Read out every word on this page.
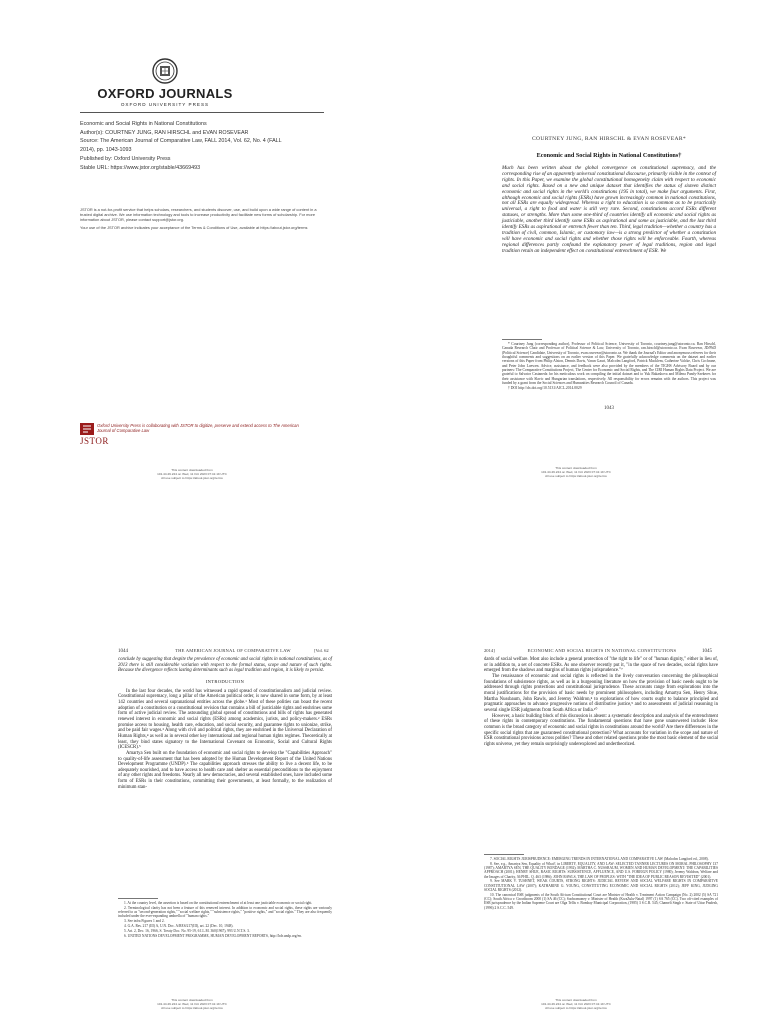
OXFORD JOURNALS
OXFORD UNIVERSITY PRESS
Economic and Social Rights in National Constitutions
Author(s): COURTNEY JUNG, RAN HIRSCHL and EVAN ROSEVEAR
Source: The American Journal of Comparative Law, FALL 2014, Vol. 62, No. 4 (FALL
2014), pp. 1043-1093
Published by: Oxford University Press
Stable URL: https://www.jstor.org/stable/43669493

JSTOR is a not-for-profit service that helps scholars, researchers, and students discover, use, and build upon a wide range of content in a trusted digital archive. We use information technology and tools to increase productivity and facilitate new forms of scholarship. For more information about JSTOR, please contact support@jstor.org.

Your use of the JSTOR archive indicates your acceptance of the Terms & Conditions of Use, available at https://about.jstor.org/terms

Oxford University Press is collaborating with JSTOR to digitize, preserve and extend access to The American Journal of Comparative Law
JSTOR
This content downloaded from
101.44.29.224 on Wed, 11 Oct 2023 07:41:19 UTC
All use subject to https://about.jstor.org/terms
COURTNEY JUNG, RAN HIRSCHL & EVAN ROSEVEAR*
Economic and Social Rights in National Constitutions†
Much has been written about the global convergence on constitutional supremacy, and the corresponding rise of an apparently universal constitutional discourse, primarily visible in the context of rights. In this Paper, we examine the global constitutional homogeneity claim with respect to economic and social rights. Based on a new and unique dataset that identifies the status of sixteen distinct economic and social rights in the world's constitutions (195 in total), we make four arguments. First, although economic and social rights (ESRs) have grown increasingly common in national constitutions, not all ESRs are equally widespread. Whereas a right to education is so common as to be practically universal, a right to food and water is still very rare. Second, constitutions accord ESRs different statuses, or strengths. More than some one-third of countries identify all economic and social rights as justiciable, another third identify some ESRs as aspirational and some as justiciable, and the last third identify ESRs as aspirational or entrench fewer than ten. Third, legal tradition—whether a country has a tradition of civil, common, Islamic, or customary law—is a strong predictor of whether a constitution will have economic and social rights and whether those rights will be enforceable. Fourth, whereas regional differences partly confound the explanatory power of legal traditions, region and legal tradition retain an independent effect on constitutional entrenchment of ESR. We

* Courtney Jung (corresponding author), Professor of Political Science, University of Toronto, courtney.jung@utoronto.ca. Ran Hirschl, Canada Research Chair and Professor of Political Science & Law, University of Toronto, ran.hirschl@utoronto.ca. Evan Rosevear, JD/PhD (Political Science) Candidate, University of Toronto, evan.rosevear@utoronto.ca. We thank the Journal's Editor and anonymous referees for their thoughtful comments and suggestions on an earlier version of this Paper. We gratefully acknowledge comments on the dataset and earlier versions of this Paper from Philip Alston, Dennis Davis, Varun Gauri, Malcolm Langford, Patrick Macklem, Catherine Valcke, Chris Cochrane, and Peter John Loewen. Advice, assistance, and feedback were also provided by the members of the TIGHS Advisory Board and by our partners: The Comparative Constitutions Project, The Center for Economic and Social Rights, and The CIRI Human Rights Data Project. We are grateful to Salvator Castaneda for his meticulous work on compiling the initial dataset and to Yuk Bakashova and Milena Pandy-Szekeres for their assistance with Slavic and Hungarian translations, respectively. All responsibility for errors remains with the authors. This project was funded by a grant from the Social Sciences and Humanities Research Council of Canada.

† DOI http://dx.doi.org/10.5131/AJCL.2014.0029

1043
This content downloaded from
101.44.29.224 on Wed, 11 Oct 2023 07:41:19 UTC
All use subject to https://about.jstor.org/terms
1044	THE AMERICAN JOURNAL OF COMPARATIVE LAW	[Vol. 62

conclude by suggesting that despite the prevalence of economic and social rights in national constitutions, as of 2013 there is still considerable variation with respect to the formal status, scope and nature of such rights. Because the divergence reflects lasting determinants such as legal tradition and region, it is likely to persist.

INTRODUCTION

In the last four decades, the world has witnessed a rapid spread of constitutionalism and judicial review. Constitutional supremacy, long a pillar of the American political order, is now shared in some form, by at least 142 countries and several supranational entities across the globe.¹ Most of these polities can boast the recent adoption of a constitution or a constitutional revision that contains a bill of justiciable rights and enshrines some form of active judicial review. The astounding global spread of constitutions and bills of rights has generated renewed interest in economic and social rights (ESRs) among academics, jurists, and policy-makers.² ESRs promise access to housing, health care, education, and social security, and guarantee rights to unionize, strike, and be paid fair wages.³ Along with civil and political rights, they are enshrined in the Universal Declaration of Human Rights,⁴ as well as in several other key international and regional human rights regimes. Theoretically at least, they bind states signatory to the International Covenant on Economic, Social and Cultural Rights (ICESCR).⁵

Amartya Sen built on the foundation of economic and social rights to develop the "Capabilities Approach" to quality-of-life assessment that has been adopted by the Human Development Report of the United Nations Development Programme (UNDP).⁶ The capabilities approach stresses the ability to live a decent life, to be adequately nourished, and to have access to health care and shelter as essential preconditions to the enjoyment of any other rights and freedoms. Nearly all new democracies, and several established ones, have included some form of ESRs in their constitutions, committing their governments, at least formally, to the realization of minimum stan-

1. At the country level, the assertion is based on the constitutional entrenchment of at least one justiciable economic or social right.

2. Terminological clarity has not been a feature of this renewed interest. In addition to economic and social rights, these rights are variously referred to as "second-generation rights," "social welfare rights," "subsistence rights," "positive rights," and "social rights." They are also frequently included under the ever-expanding umbrella of "human rights."

3. See infra Figures 1 and 2.

4. G.A. Res. 217 (III) A, U.N. Doc. A/RES/217(III), art. 22 (Dec. 10, 1948).

5. Art. 2, Dec. 16, 1966, S. Treaty Doc. No. 95-19, 6 I.L.M. 360(1967), 993 U.N.T.S. 3.

6. UNITED NATIONS DEVELOPMENT PROGRAMME, HUMAN DEVELOPMENT REPORTS, http://hdr.undp.org/en.

This content downloaded from
101.44.29.224 on Wed, 11 Oct 2023 07:41:19 UTC
All use subject to https://about.jstor.org/terms
2014]	ECONOMIC AND SOCIAL RIGHTS IN NATIONAL CONSTITUTIONS	1045

dards of social welfare. Most also include a general protection of "the right to life" or of "human dignity," either in lieu of, or in addition to, a set of concrete ESRs. As one observer recently put it, "in the space of two decades, social rights have emerged from the shadows and margins of human rights jurisprudence."⁷

The renaissance of economic and social rights is reflected in the lively conversation concerning the philosophical foundations of subsistence rights, as well as in a burgeoning literature on how the provision of basic needs ought to be addressed through rights protections and constitutional jurisprudence. These accounts range from explorations into the moral justifications for the provision of basic needs by prominent philosophers, including Amartya Sen, Henry Shue, Martha Nussbaum, John Rawls, and Jeremy Waldron,⁸ to explorations of how courts ought to balance principled and pragmatic approaches to advance progressive notions of distributive justice,⁹ and to assessments of judicial reasoning in several single ESR judgments from South Africa or India.¹⁰

However, a basic building block of this discussion is absent: a systematic description and analysis of the entrenchment of these rights in contemporary constitutions. The fundamental questions that have gone unanswered include: How common is the broad category of economic and social rights in constitutions around the world? Are there differences in the specific social rights that are guaranteed constitutional protection? What accounts for variation in the scope and nature of ESR constitutional provisions across polities? These and other related questions probe the most basic element of the social rights universe, yet they remain surprisingly underexplored and undertheorized.

7. SOCIAL RIGHTS JURISPRUDENCE: EMERGING TRENDS IN INTERNATIONAL AND COMPARATIVE LAW (Malcolm Langford ed., 2008).

8. See, e.g., Amartya Sen, Equality of What?, in LIBERTY, EQUALITY, AND LAW: SELECTED TANNER LECTURES ON MORAL PHILOSOPHY 137 (1987); AMARTYA SEN, THE QUALITY BONDAGE (1992); MARTHA C. NUSSBAUM, WOMEN AND HUMAN DEVELOPMENT: THE CAPABILITIES APPROACH (2001); HENRY SHUE, BASIC RIGHTS: SUBSISTENCE, AFFLUENCE, AND U.S. FOREIGN POLICY (1980); Jeremy Waldron, Welfare and the Images of Charity, 36 PHIL. Q. 463 (1986); JOHN RAWLS, THE LAW OF PEOPLES: WITH "THE IDEA OF PUBLIC REASON REVISITED" (2001).

9. See MARK V. TUSHNET, WEAK COURTS, STRONG RIGHTS: JUDICIAL REVIEW AND SOCIAL WELFARE RIGHTS IN COMPARATIVE CONSTITUTIONAL LAW (2007); KATHARINE G. YOUNG, CONSTITUTING ECONOMIC AND SOCIAL RIGHTS (2012); JEFF KING, JUDGING SOCIAL RIGHTS (2012).

10. The canonical ESR judgments of the South African Constitutional Court are Minister of Health v. Treatment Action Campaign (No. 2) 2002 (5) SA 721 (CC); South Africa v. Grootboom 2000 (1) SA 46 (CC); Soobramoney v. Minister of Health (KwaZulu-Natal) 1997 (1) SA 765 (CC). Two oft-cited examples of ESR jurisprudence by the Indian Supreme Court are Olga Tellis v. Bombay Municipal Corporation, (1985) 3 S.C.R. 545; Chameli Singh v. State of Uttar Pradesh, (1996) 2 S.C.C. 549.

This content downloaded from
101.44.29.224 on Wed, 11 Oct 2023 07:41:19 UTC
All use subject to https://about.jstor.org/terms
